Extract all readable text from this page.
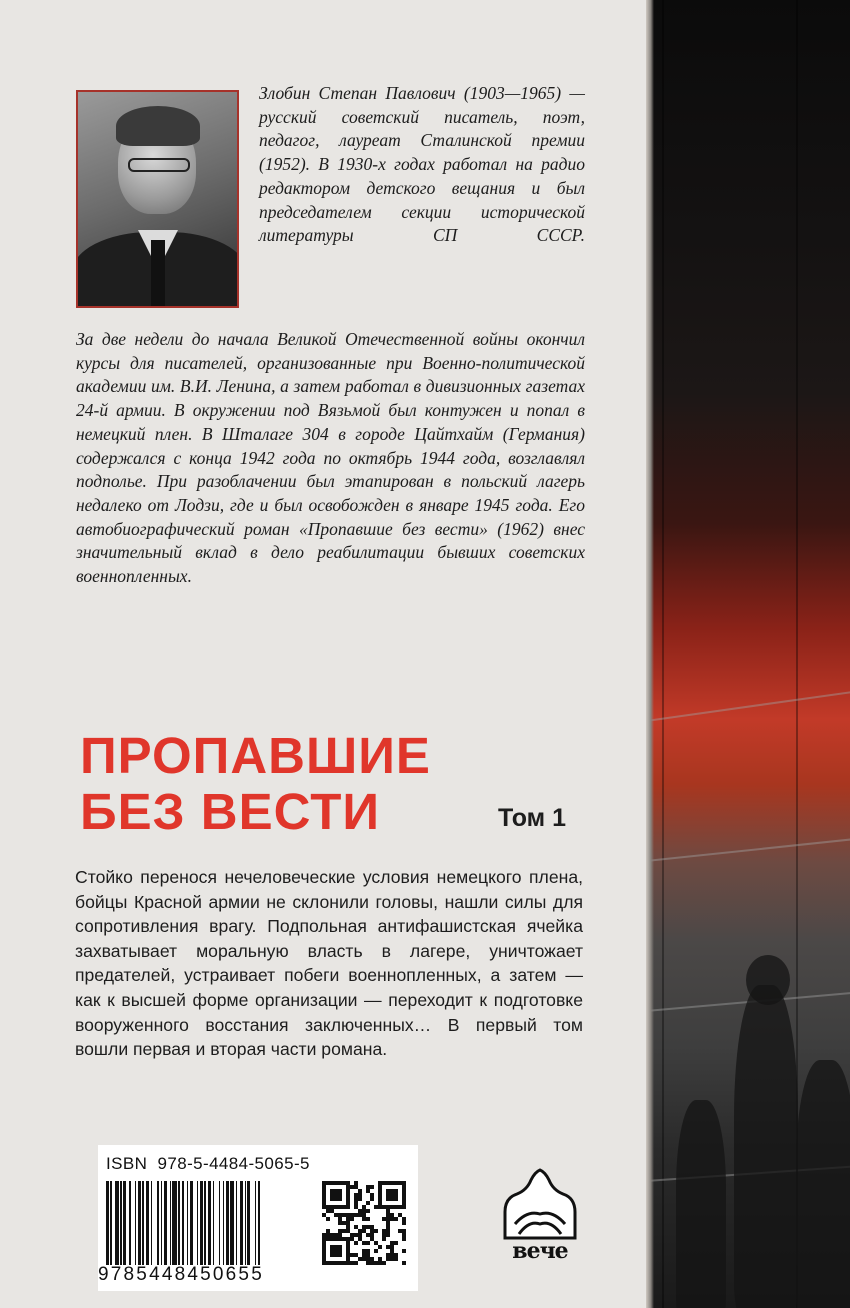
Злобин Степан Павлович (1903—1965) — русский советский писатель, поэт, педагог, лауреат Сталинской премии (1952). В 1930-х годах работал на радио редактором детского вещания и был председателем секции исторической литературы СП СССР.

За две недели до начала Великой Отечественной войны окончил курсы для писателей, организованные при Военно-политической академии им. В.И. Ленина, а затем работал в дивизионных газетах 24-й армии. В окружении под Вязьмой был контужен и попал в немецкий плен. В Шталаге 304 в городе Цайтхайм (Германия) содержался с конца 1942 года по октябрь 1944 года, возглавлял подполье. При разоблачении был этапирован в польский лагерь недалеко от Лодзи, где и был освобожден в январе 1945 года. Его автобиографический роман «Пропавшие без вести» (1962) внес значительный вклад в дело реабилитации бывших советских военнопленных.

ПРОПАВШИЕ
БЕЗ ВЕСТИ	Том 1

Стойко перенося нечеловеческие условия немецкого плена, бойцы Красной армии не склонили головы, нашли силы для сопротивления врагу. Подпольная антифашистская ячейка захватывает моральную власть в лагере, уничтожает предателей, устраивает побеги военнопленных, а затем — как к высшей форме организации — переходит к подготовке вооруженного восстания заключенных… В первый том вошли первая и вторая части романа.

ISBN 978-5-4484-5065-5
9785448450655
вече
